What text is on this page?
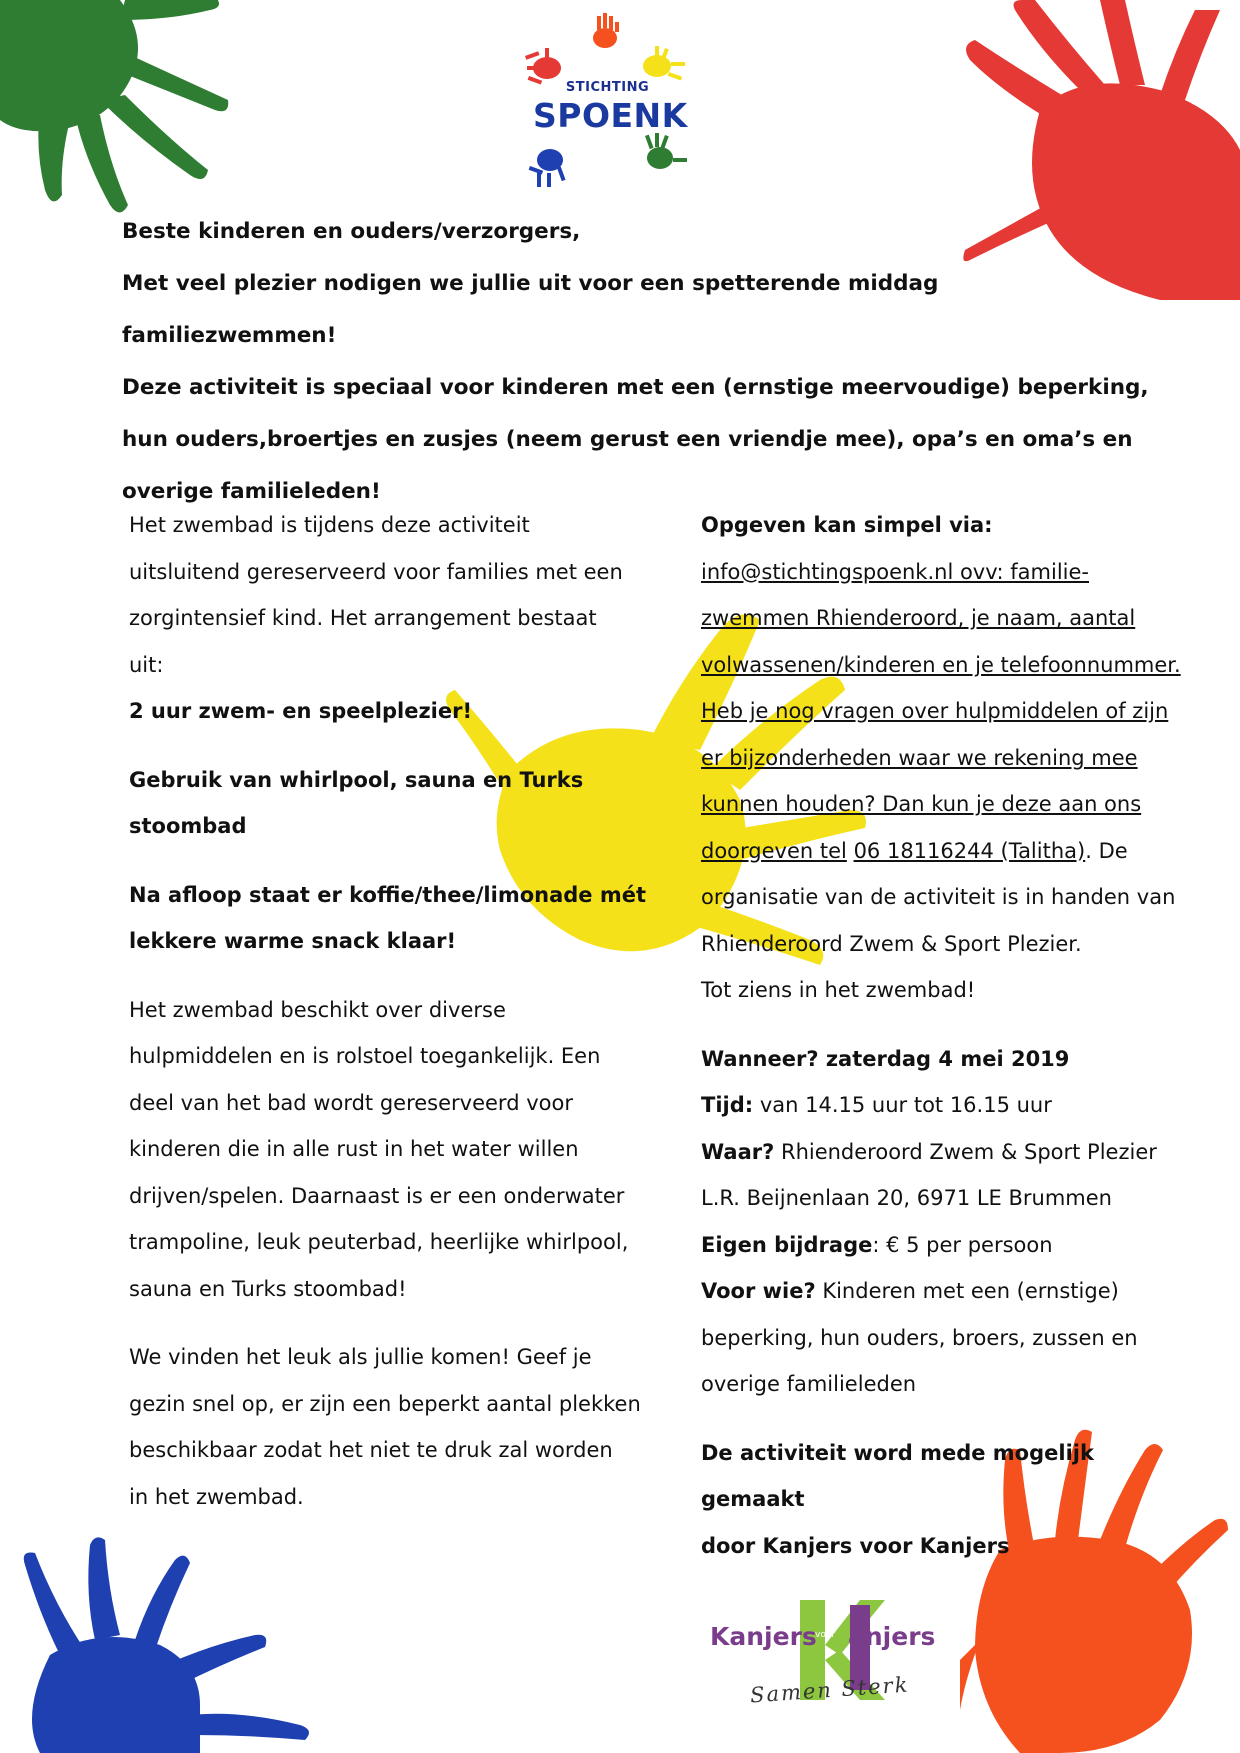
STICHTING
SPOENK

Beste kinderen en ouders/verzorgers,

Met veel plezier nodigen we jullie uit voor een spetterende middag familiezwemmen!

Deze activiteit is speciaal voor kinderen met een (ernstige meervoudige) beperking,

hun ouders,broertjes en zusjes (neem gerust een vriendje mee), opa’s en oma’s en

overige familieleden!

Het zwembad is tijdens deze activiteit

uitsluitend gereserveerd voor families met een

zorgintensief kind. Het arrangement bestaat

uit:

2 uur zwem- en speelplezier!

Gebruik van whirlpool, sauna en Turks

stoombad

Na afloop staat er koffie/thee/limonade mét

lekkere warme snack klaar!

Het zwembad beschikt over diverse

hulpmiddelen en is rolstoel toegankelijk. Een

deel van het bad wordt gereserveerd voor

kinderen die in alle rust in het water willen

drijven/spelen. Daarnaast is er een onderwater

trampoline, leuk peuterbad, heerlijke whirlpool,

sauna en Turks stoombad!

We vinden het leuk als jullie komen! Geef je

gezin snel op, er zijn een beperkt aantal plekken

beschikbaar zodat het niet te druk zal worden

in het zwembad.

Opgeven kan simpel via:

info@stichtingspoenk.nl ovv: familie-

zwemmen Rhienderoord, je naam, aantal

volwassenen/kinderen en je telefoonnummer.

Heb je nog vragen over hulpmiddelen of zijn

er bijzonderheden waar we rekening mee

kunnen houden? Dan kun je deze aan ons

doorgeven tel 06 18116244 (Talitha). De

organisatie van de activiteit is in handen van

Rhienderoord Zwem & Sport Plezier.

Tot ziens in het zwembad!

Wanneer? zaterdag 4 mei 2019

Tijd: van 14.15 uur tot 16.15 uur

Waar? Rhienderoord Zwem & Sport Plezier

L.R. Beijnenlaan 20, 6971 LE Brummen

Eigen bijdrage: € 5 per persoon

Voor wie? Kinderen met een (ernstige)

beperking, hun ouders, broers, zussen en

overige familieleden

De activiteit word mede mogelijk gemaakt

door Kanjers voor Kanjers

Kanjers
voor anjers
Samen Sterk
